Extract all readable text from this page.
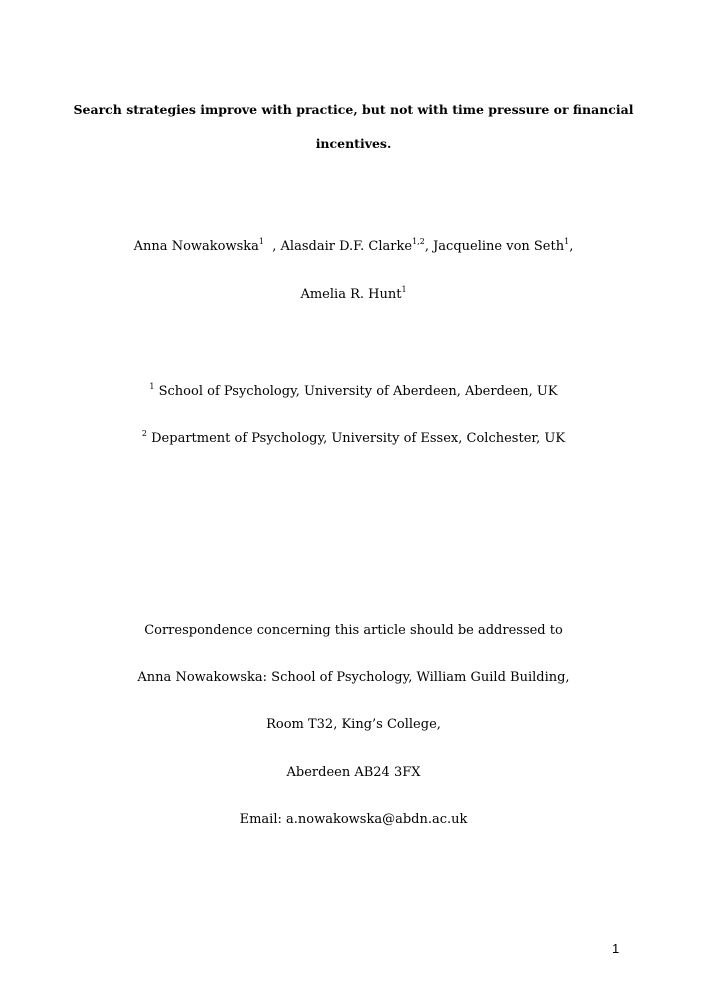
Search strategies improve with practice, but not with time pressure or financial
incentives.
Anna Nowakowska$^1$  , Alasdair D.F. Clarke$^{1,2}$, Jacqueline von Seth$^1$,
Amelia R. Hunt$^1$
$^1$ School of Psychology, University of Aberdeen, Aberdeen, UK
$^2$ Department of Psychology, University of Essex, Colchester, UK
Correspondence concerning this article should be addressed to
Anna Nowakowska: School of Psychology, William Guild Building,
Room T32, King’s College,
Aberdeen AB24 3FX
Email: a.nowakowska@abdn.ac.uk
1
